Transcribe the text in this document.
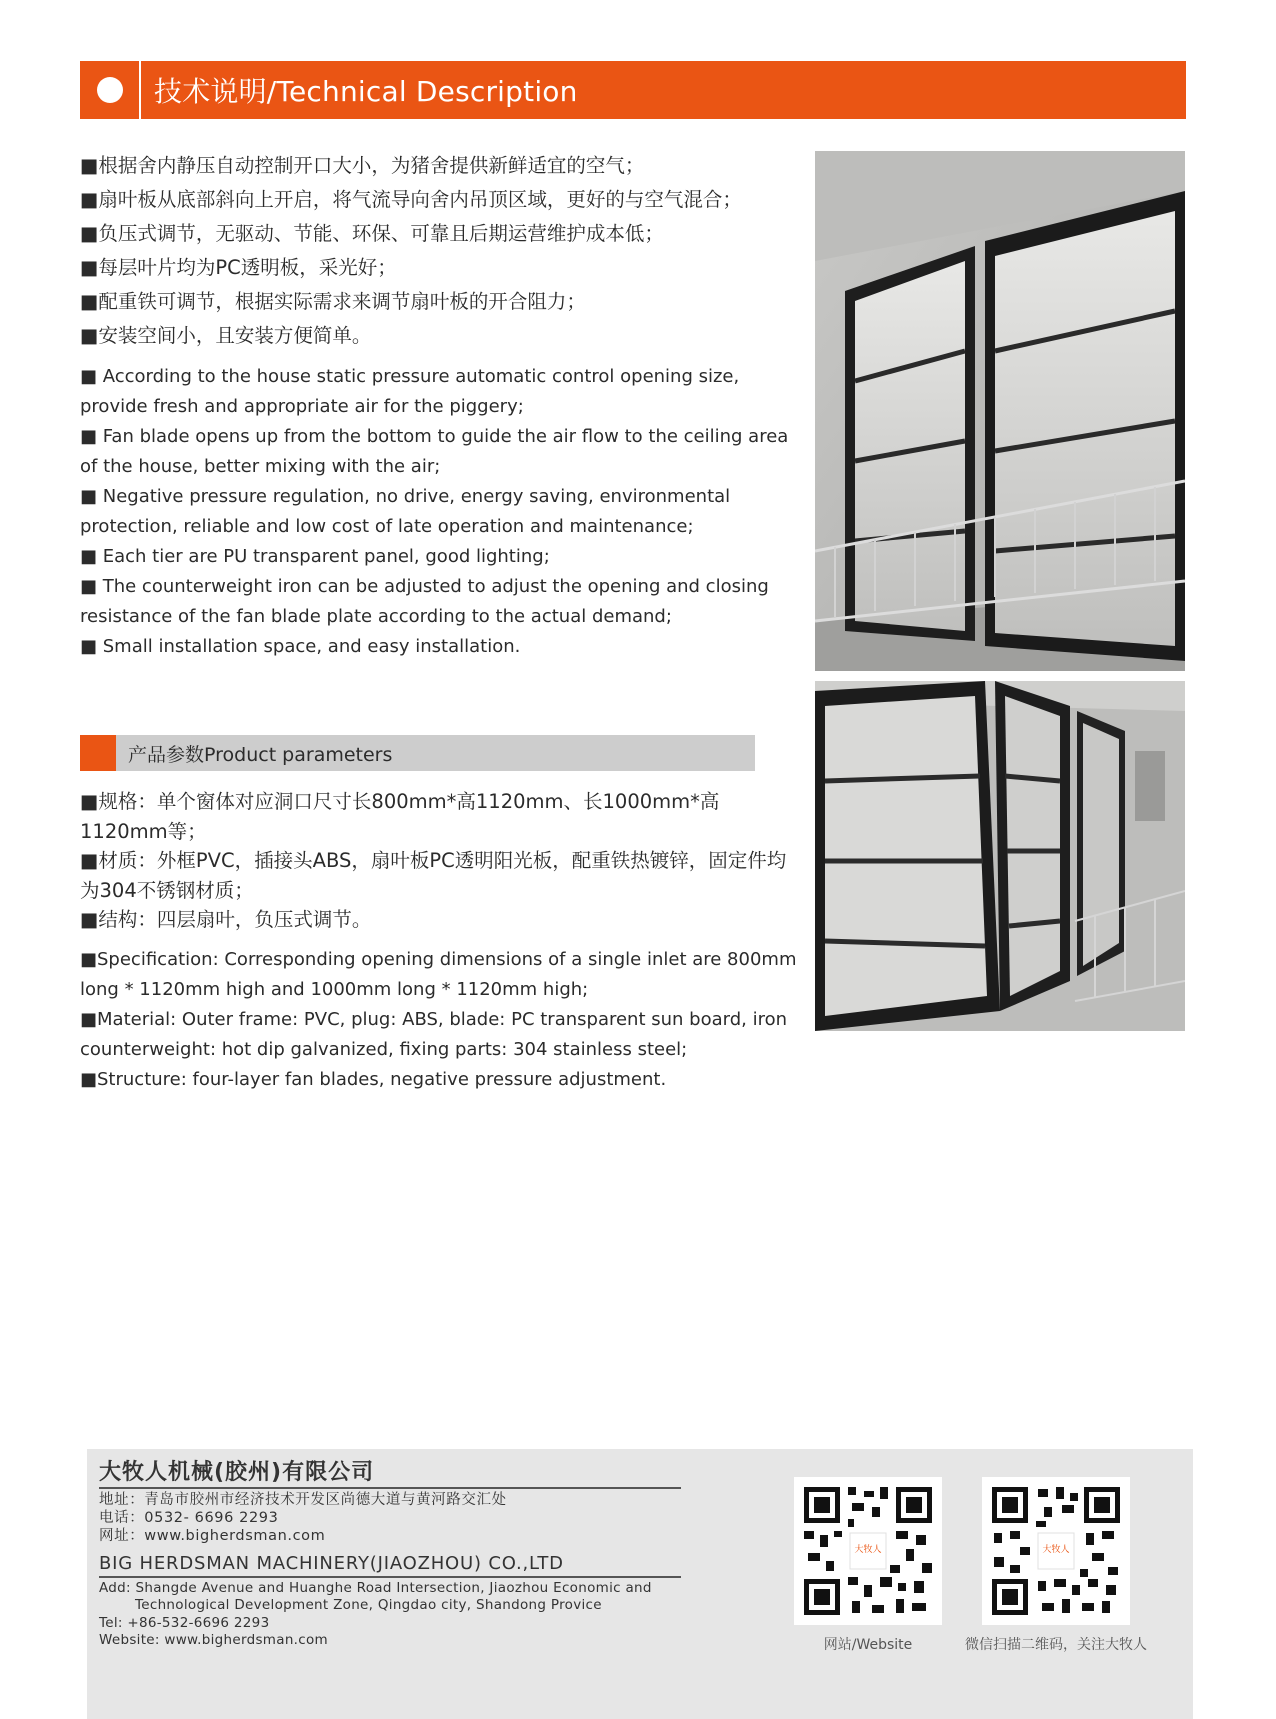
技术说明/Technical Description
■根据舍内静压自动控制开口大小，为猪舍提供新鲜适宜的空气；
■扇叶板从底部斜向上开启，将气流导向舍内吊顶区域，更好的与空气混合；
■负压式调节，无驱动、节能、环保、可靠且后期运营维护成本低；
■每层叶片均为PC透明板，采光好；
■配重铁可调节，根据实际需求来调节扇叶板的开合阻力；
■安装空间小，且安装方便简单。
■ According to the house static pressure automatic control opening size, provide fresh and appropriate air for the piggery;
■ Fan blade opens up from the bottom to guide the air flow to the ceiling area of the house, better mixing with the air;
■ Negative pressure regulation, no drive, energy saving, environmental protection, reliable and low cost of late operation and maintenance;
■ Each tier are PU transparent panel, good lighting;
■ The counterweight iron can be adjusted to adjust the opening and closing resistance of the fan blade plate according to the actual demand;
■ Small installation space, and easy installation.
产品参数Product parameters
■规格：单个窗体对应洞口尺寸长800mm*高1120mm、长1000mm*高1120mm等；
■材质：外框PVC，插接头ABS，扇叶板PC透明阳光板，配重铁热镀锌，固定件均为304不锈钢材质；
■结构：四层扇叶，负压式调节。
■Specification: Corresponding opening dimensions of a single inlet are 800mm long * 1120mm high and 1000mm long * 1120mm high;
■Material: Outer frame: PVC, plug: ABS, blade: PC transparent sun board, iron counterweight: hot dip galvanized, fixing parts: 304 stainless steel;
■Structure: four-layer fan blades, negative pressure adjustment.
大牧人机械(胶州)有限公司
地址：青岛市胶州市经济技术开发区尚德大道与黄河路交汇处
电话：0532- 6696 2293
网址：www.bigherdsman.com
BIG HERDSMAN MACHINERY(JIAOZHOU) CO.,LTD
Add: Shangde Avenue and Huanghe Road Intersection, Jiaozhou Economic and
Technological Development Zone, Qingdao city, Shandong Provice
Tel: +86-532-6696 2293
Website: www.bigherdsman.com
大牧人
网站/Website
大牧人
微信扫描二维码，关注大牧人
